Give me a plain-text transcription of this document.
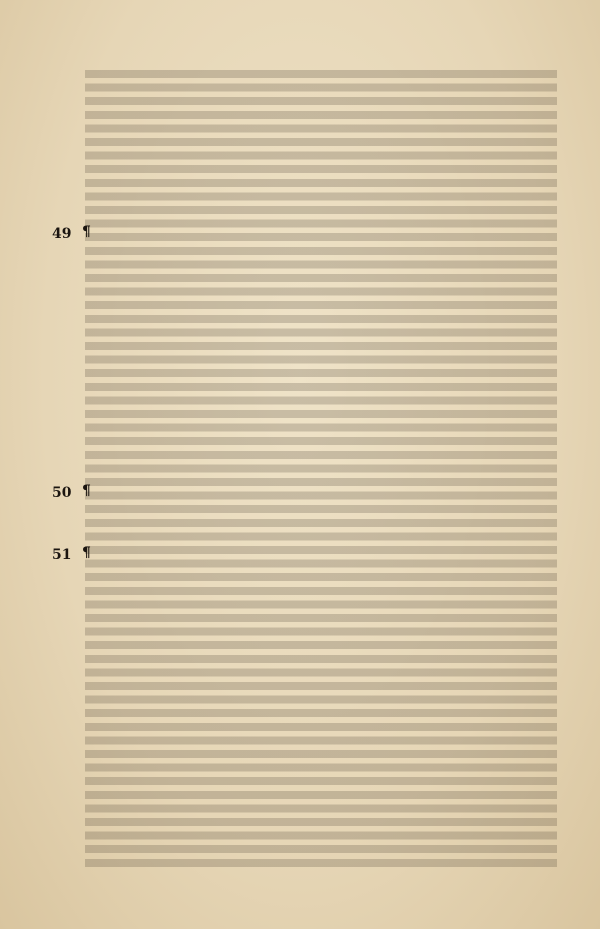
49
50
51
¶
¶
¶
